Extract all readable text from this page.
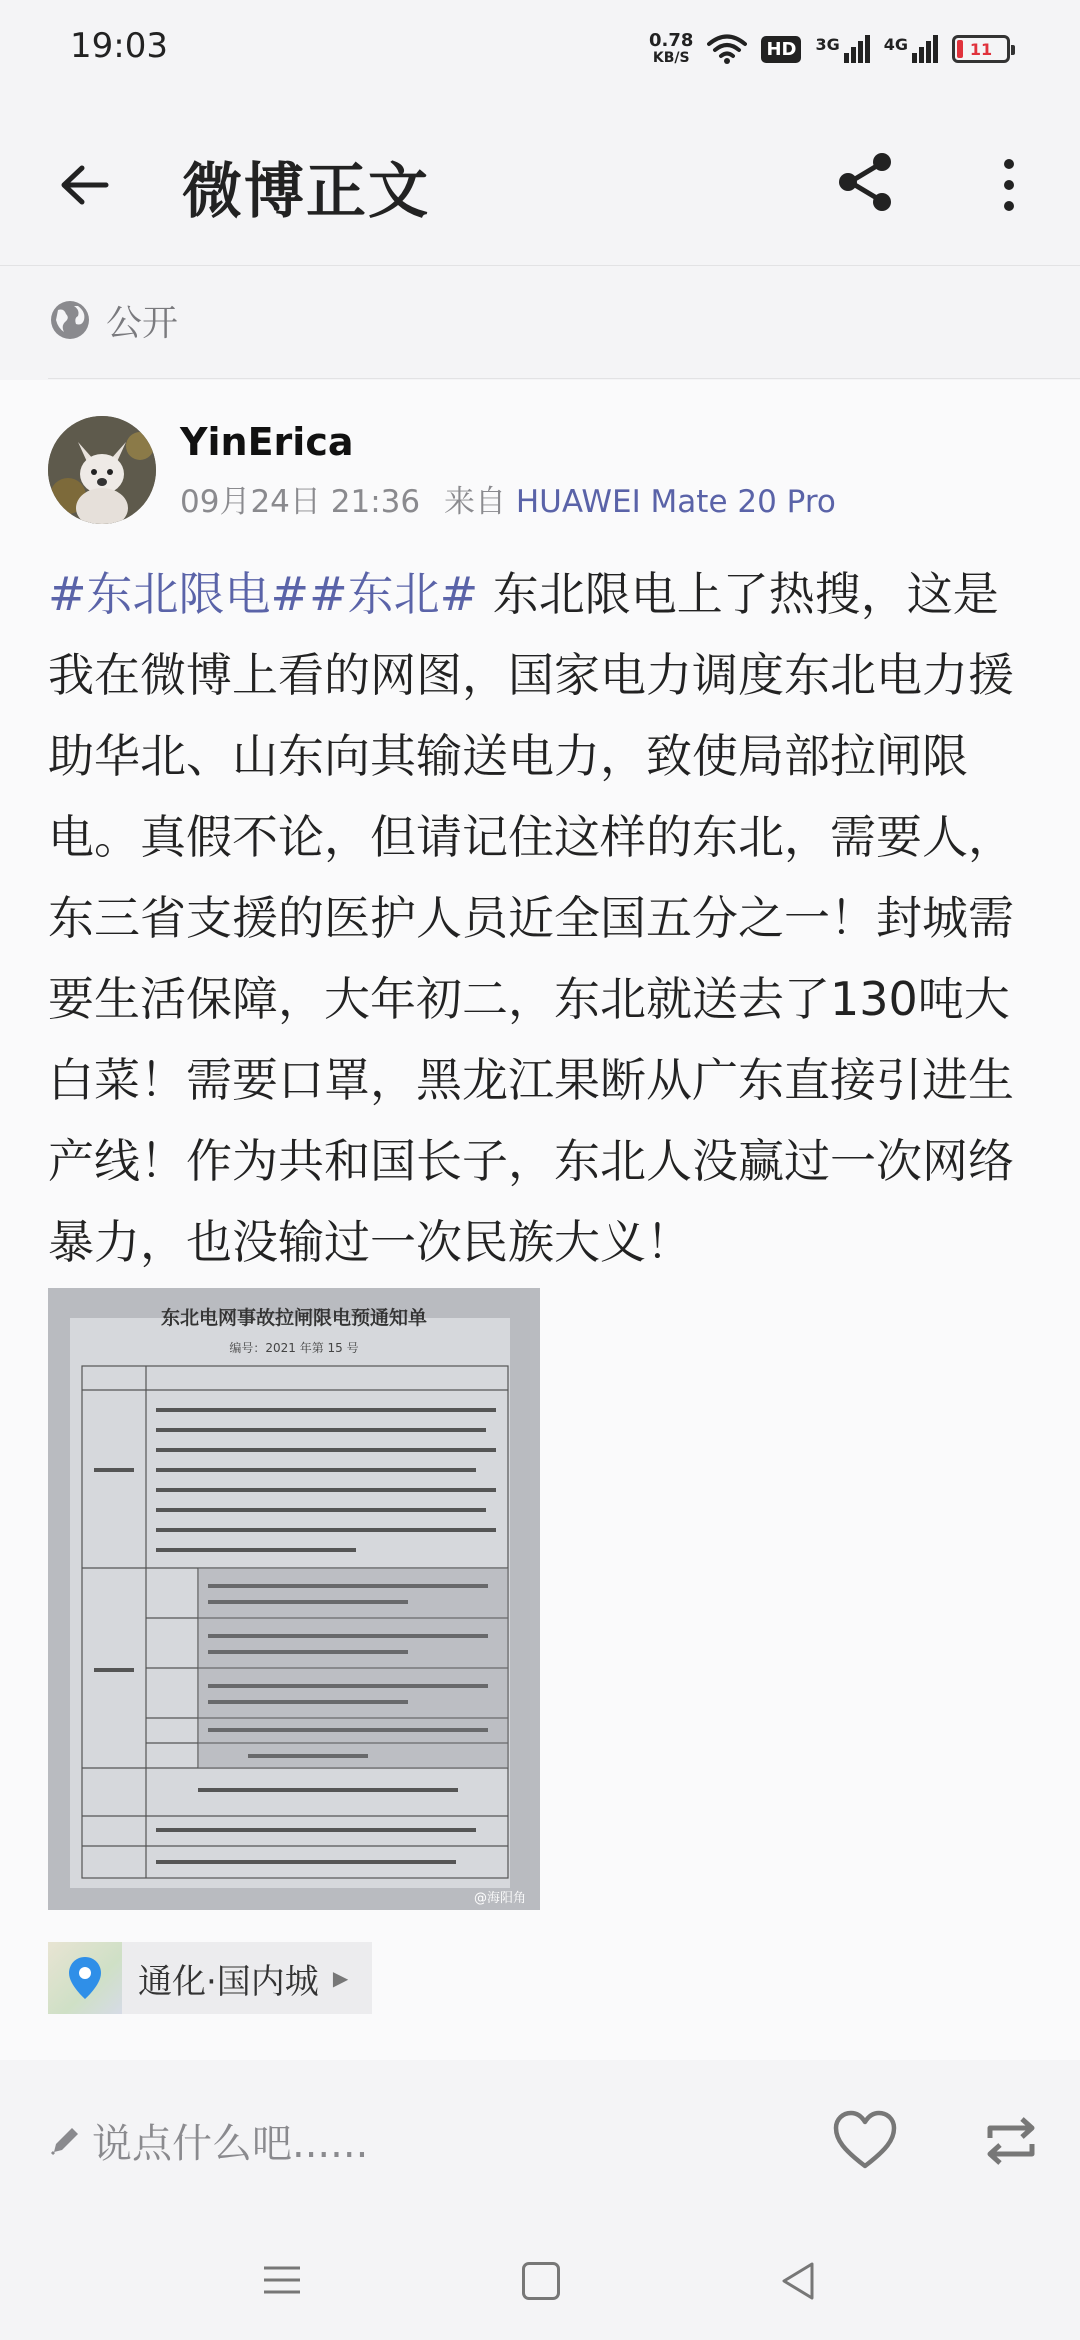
19:03	0.78
KB/S	HD	3G	4G	11
微博正文
公开
YinErica
09月24日 21:36 来自 HUAWEI Mate 20 Pro
#东北限电##东北# 东北限电上了热搜，这是我在微博上看的网图，国家电力调度东北电力援助华北、山东向其输送电力，致使局部拉闸限电。真假不论，但请记住这样的东北，需要人，东三省支援的医护人员近全国五分之一！封城需要生活保障，大年初二，东北就送去了130吨大白菜！需要口罩，黑龙江果断从广东直接引进生产线！作为共和国长子，东北人没赢过一次网络暴力，也没输过一次民族大义！
东北电网事故拉闸限电预通知单
编号：2021 年第 15 号
@海阳角
通化·国内城 ▶
说点什么吧......
